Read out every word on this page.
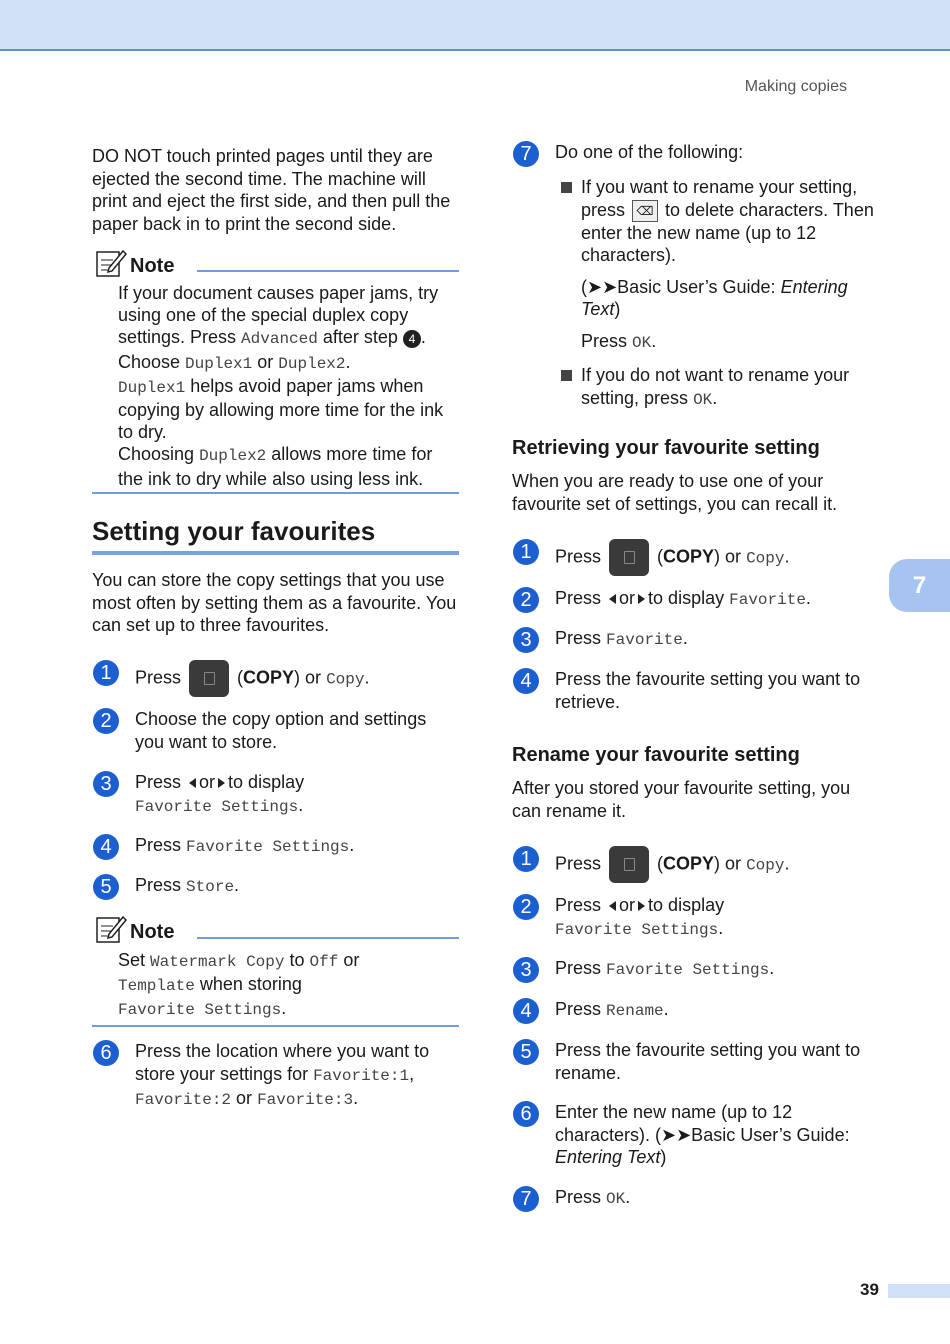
Making copies
DO NOT touch printed pages until they are ejected the second time. The machine will print and eject the first side, and then pull the paper back in to print the second side.
Note
If your document causes paper jams, try using one of the special duplex copy settings. Press Advanced after step 4 . Choose Duplex1 or Duplex2.
Duplex1 helps avoid paper jams when copying by allowing more time for the ink to dry.
Choosing Duplex2 allows more time for the ink to dry while also using less ink.
Setting your favourites
You can store the copy settings that you use most often by setting them as a favourite. You can set up to three favourites.
1	Press	(COPY) or Copy.
2	Choose the copy option and settings you want to store.
3	Press or to display
Favorite Settings.
4	Press Favorite Settings.
5	Press Store.
Note
Set Watermark Copy to Off or
Template when storing
Favorite Settings.
6	Press the location where you want to store your settings for Favorite:1,
Favorite:2 or Favorite:3.
7	Do one of the following:
If you want to rename your setting, press ⌫ to delete characters. Then enter the new name (up to 12 characters).
(➤➤Basic User’s Guide: Entering Text)
Press OK.
If you do not want to rename your setting, press OK.
Retrieving your favourite setting
When you are ready to use one of your favourite set of settings, you can recall it.
1	Press	(COPY) or Copy.
2	Press or to display Favorite.
3	Press Favorite.
4	Press the favourite setting you want to retrieve.
Rename your favourite setting
After you stored your favourite setting, you can rename it.
1	Press	(COPY) or Copy.
2	Press or to display
Favorite Settings.
3	Press Favorite Settings.
4	Press Rename.
5	Press the favourite setting you want to rename.
6	Enter the new name (up to 12 characters). (➤➤Basic User’s Guide: Entering Text)
7	Press OK.
7
39
